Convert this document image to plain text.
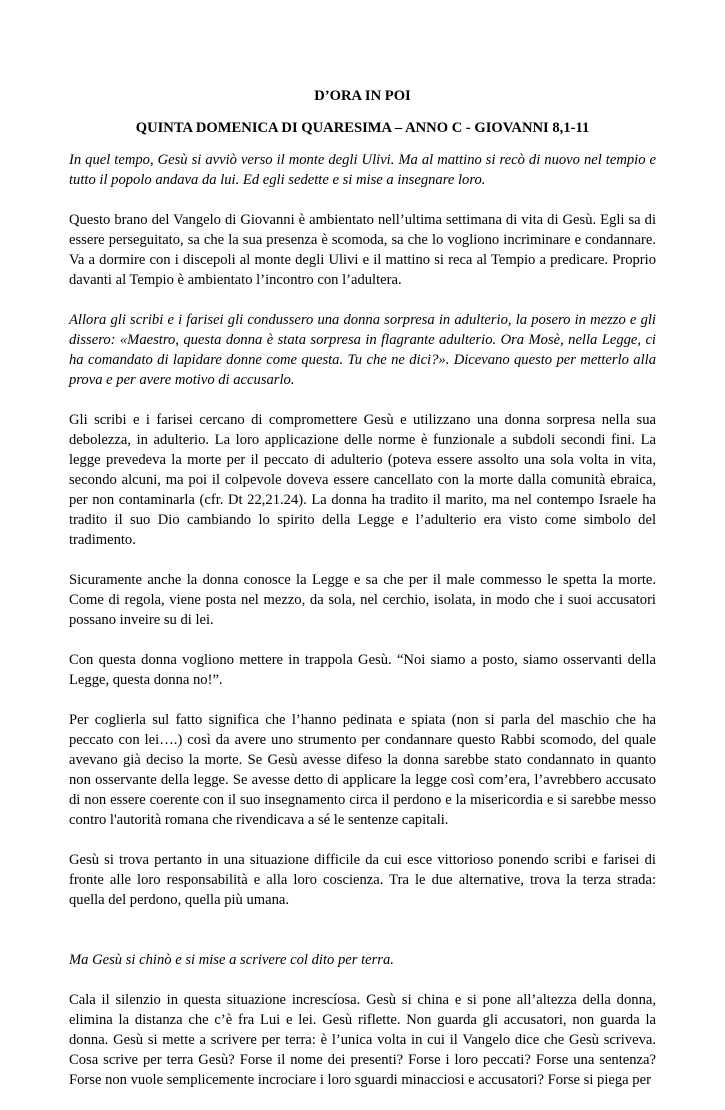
D’ORA IN POI
QUINTA DOMENICA DI QUARESIMA – ANNO C - GIOVANNI 8,1-11

In quel tempo, Gesù si avviò verso il monte degli Ulivi. Ma al mattino si recò di nuovo nel tempio e tutto il popolo andava da lui. Ed egli sedette e si mise a insegnare loro.

Questo brano del Vangelo di Giovanni è ambientato nell’ultima settimana di vita di Gesù. Egli sa di essere perseguitato, sa che la sua presenza è scomoda, sa che lo vogliono incriminare e condannare. Va a dormire con i discepoli al monte degli Ulivi e il mattino si reca al Tempio a predicare. Proprio davanti al Tempio è ambientato l’incontro con l’adultera.

Allora gli scribi e i farisei gli condussero una donna sorpresa in adulterio, la posero in mezzo e gli dissero: «Maestro, questa donna è stata sorpresa in flagrante adulterio. Ora Mosè, nella Legge, ci ha comandato di lapidare donne come questa. Tu che ne dici?». Dicevano questo per metterlo alla prova e per avere motivo di accusarlo.

Gli scribi e i farisei cercano di compromettere Gesù e utilizzano una donna sorpresa nella sua debolezza, in adulterio. La loro applicazione delle norme è funzionale a subdoli secondi fini. La legge prevedeva la morte per il peccato di adulterio (poteva essere assolto una sola volta in vita, secondo alcuni, ma poi il colpevole doveva essere cancellato con la morte dalla comunità ebraica, per non contaminarla (cfr. Dt 22,21.24). La donna ha tradito il marito, ma nel contempo Israele ha tradito il suo Dio cambiando lo spirito della Legge e l’adulterio era visto come simbolo del tradimento.

Sicuramente anche la donna conosce la Legge e sa che per il male commesso le spetta la morte. Come di regola, viene posta nel mezzo, da sola, nel cerchio, isolata, in modo che i suoi accusatori possano inveire su di lei.

Con questa donna vogliono mettere in trappola Gesù. “Noi siamo a posto, siamo osservanti della Legge, questa donna no!”.

Per coglierla sul fatto significa che l’hanno pedinata e spiata (non si parla del maschio che ha peccato con lei….) così da avere uno strumento per condannare questo Rabbi scomodo, del quale avevano già deciso la morte. Se Gesù avesse difeso la donna sarebbe stato condannato in quanto non osservante della legge. Se avesse detto di applicare la legge così com’era, l’avrebbero accusato di non essere coerente con il suo insegnamento circa il perdono e la misericordia e si sarebbe messo contro l'autorità romana che rivendicava a sé le sentenze capitali.

Gesù si trova pertanto in una situazione difficile da cui esce vittorioso ponendo scribi e farisei di fronte alle loro responsabilità e alla loro coscienza. Tra le due alternative, trova la terza strada: quella del perdono, quella più umana.

Ma Gesù si chinò e si mise a scrivere col dito per terra.

Cala il silenzio in questa situazione increscíosa. Gesù si china e si pone all’altezza della donna, elimina la distanza che c’è fra Lui e lei. Gesù riflette. Non guarda gli accusatori, non guarda la donna. Gesù si mette a scrivere per terra: è l’unica volta in cui il Vangelo dice che Gesù scriveva. Cosa scrive per terra Gesù? Forse il nome dei presenti? Forse i loro peccati? Forse una sentenza? Forse non vuole semplicemente incrociare i loro sguardi minacciosi e accusatori? Forse si piega per
